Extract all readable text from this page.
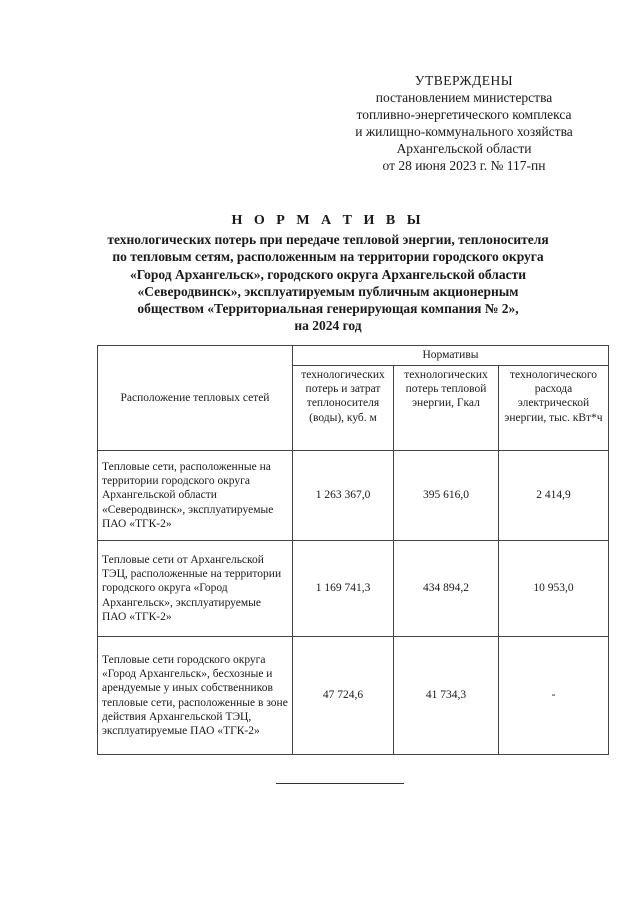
УТВЕРЖДЕНЫ
постановлением министерства
топливно-энергетического комплекса
и жилищно-коммунального хозяйства
Архангельской области
от 28 июня 2023 г. № 117-пн
Н О Р М А Т И В Ы
технологических потерь при передаче тепловой энергии, теплоносителя
по тепловым сетям, расположенным на территории городского округа
«Город Архангельск», городского округа Архангельской области
«Северодвинск», эксплуатируемым публичным акционерным
обществом «Территориальная генерирующая компания № 2»,
на 2024 год
Расположение тепловых сетей	Нормативы		
	технологических потерь и затрат теплоносителя (воды), куб. м	технологических потерь тепловой энергии, Гкал	технологического расхода электрической энергии, тыс. кВт*ч
Тепловые сети, расположенные на территории городского округа Архангельской области «Северодвинск», эксплуатируемые ПАО «ТГК-2»	1 263 367,0	395 616,0	2 414,9
Тепловые сети от Архангельской ТЭЦ, расположенные на территории городского округа «Город Архангельск», эксплуатируемые ПАО «ТГК-2»	1 169 741,3	434 894,2	10 953,0
Тепловые сети городского округа «Город Архангельск», бесхозные и арендуемые у иных собственников тепловые сети, расположенные в зоне действия Архангельской ТЭЦ, эксплуатируемые ПАО «ТГК-2»	47 724,6	41 734,3	-
